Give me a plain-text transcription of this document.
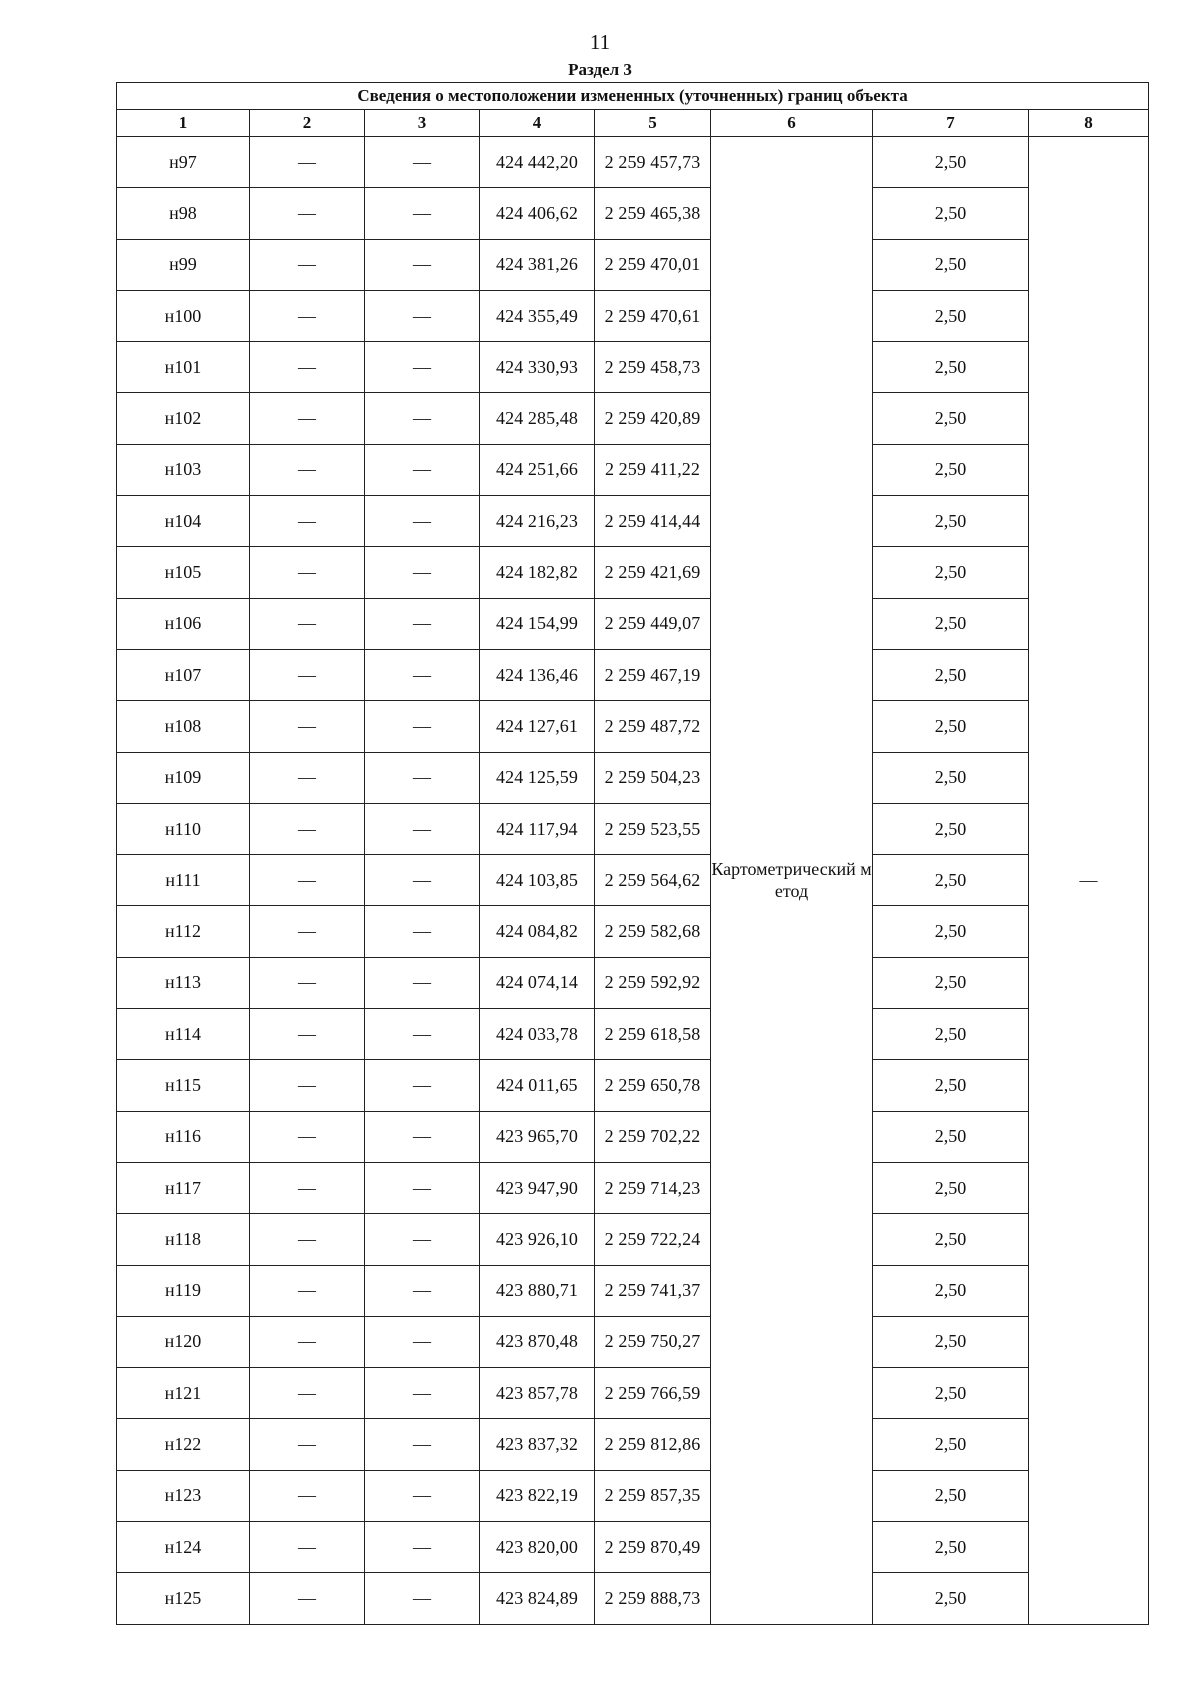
11
Раздел 3
Сведения о местоположении измененных (уточненных) границ объекта							
1	2	3	4	5	6	7	8
н97	—	—	424 442,20	2 259 457,73	Картометрический метод	2,50	—
н98	—	—	424 406,62	2 259 465,38		2,50	
н99	—	—	424 381,26	2 259 470,01		2,50	
н100	—	—	424 355,49	2 259 470,61		2,50	
н101	—	—	424 330,93	2 259 458,73		2,50	
н102	—	—	424 285,48	2 259 420,89		2,50	
н103	—	—	424 251,66	2 259 411,22		2,50	
н104	—	—	424 216,23	2 259 414,44		2,50	
н105	—	—	424 182,82	2 259 421,69		2,50	
н106	—	—	424 154,99	2 259 449,07		2,50	
н107	—	—	424 136,46	2 259 467,19		2,50	
н108	—	—	424 127,61	2 259 487,72		2,50	
н109	—	—	424 125,59	2 259 504,23		2,50	
н110	—	—	424 117,94	2 259 523,55		2,50	
н111	—	—	424 103,85	2 259 564,62		2,50	
н112	—	—	424 084,82	2 259 582,68		2,50	
н113	—	—	424 074,14	2 259 592,92		2,50	
н114	—	—	424 033,78	2 259 618,58		2,50	
н115	—	—	424 011,65	2 259 650,78		2,50	
н116	—	—	423 965,70	2 259 702,22		2,50	
н117	—	—	423 947,90	2 259 714,23		2,50	
н118	—	—	423 926,10	2 259 722,24		2,50	
н119	—	—	423 880,71	2 259 741,37		2,50	
н120	—	—	423 870,48	2 259 750,27		2,50	
н121	—	—	423 857,78	2 259 766,59		2,50	
н122	—	—	423 837,32	2 259 812,86		2,50	
н123	—	—	423 822,19	2 259 857,35		2,50	
н124	—	—	423 820,00	2 259 870,49		2,50	
н125	—	—	423 824,89	2 259 888,73		2,50	
